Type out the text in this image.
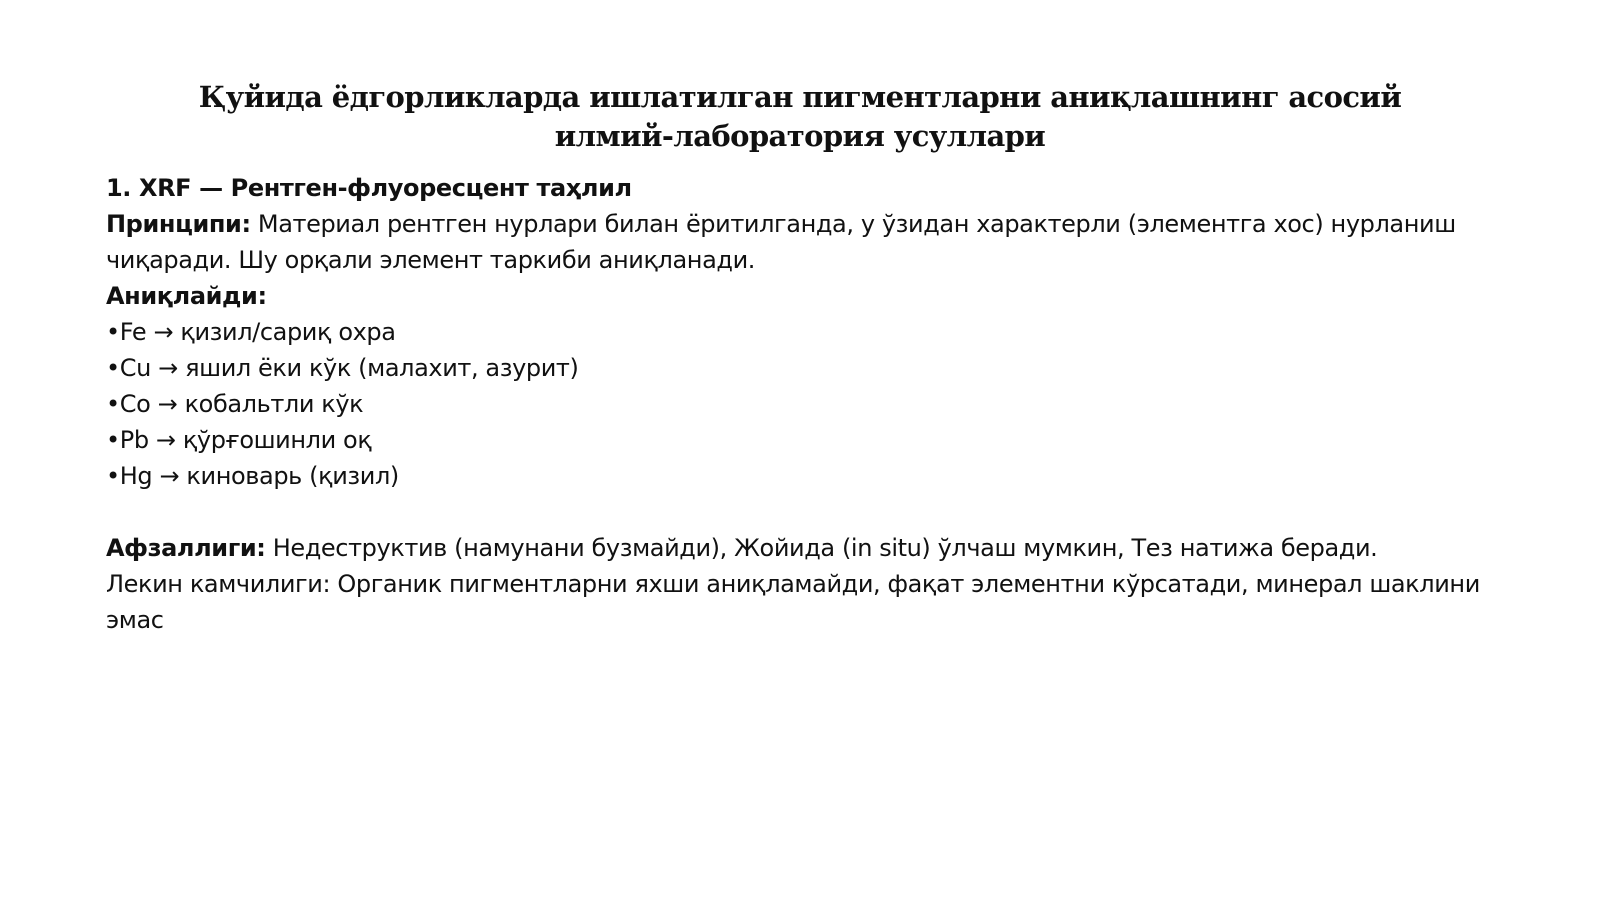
Қуйида ёдгорликларда ишлатилган пигментларни аниқлашнинг асосий
илмий-лаборатория усуллари
1. XRF — Рентген-флуоресцент таҳлил
Принципи: Материал рентген нурлари билан ёритилганда, у ўзидан характерли (элементга хос) нурланиш чиқаради. Шу орқали элемент таркиби аниқланади.
Аниқлайди:
•Fe → қизил/сариқ охра
•Cu → яшил ёки кўк (малахит, азурит)
•Co → кобальтли кўк
•Pb → қўрғошинли оқ
•Hg → киноварь (қизил)
Афзаллиги: Недеструктив (намунани бузмайди), Жойида (in situ) ўлчаш мумкин, Тез натижа беради.
Лекин камчилиги: Органик пигментларни яхши аниқламайди, фақат элементни кўрсатади, минерал шаклини эмас
